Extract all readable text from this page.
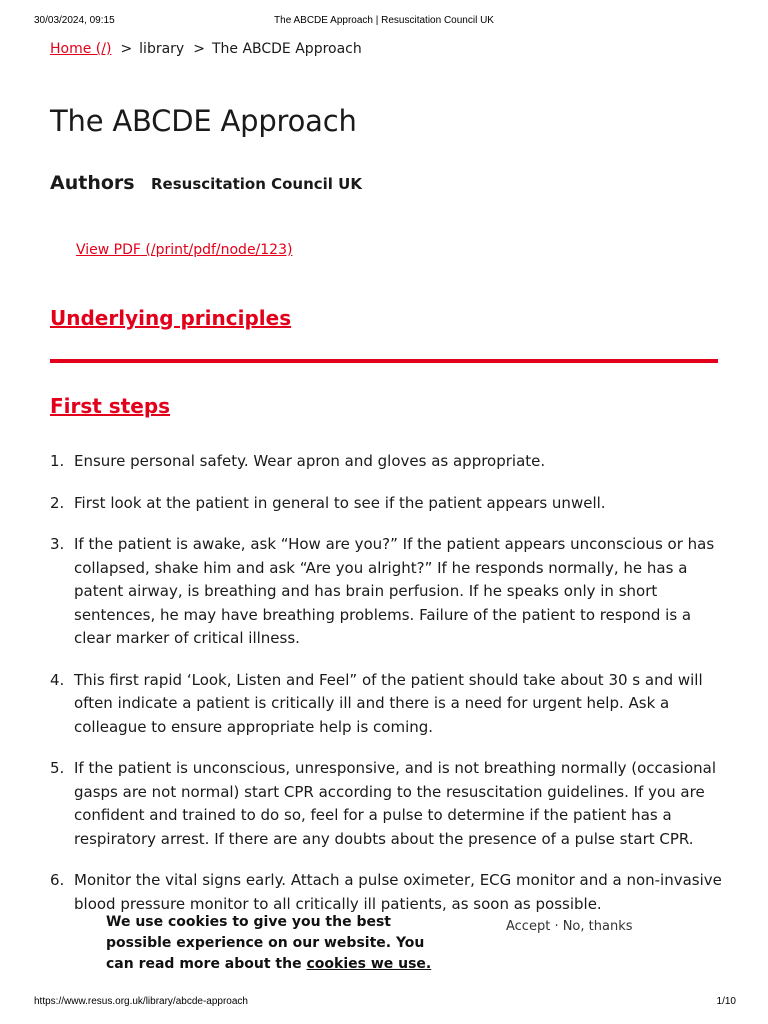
30/03/2024, 09:15	The ABCDE Approach | Resuscitation Council UK
Home (/) > library > The ABCDE Approach
The ABCDE Approach
Authors Resuscitation Council UK
View PDF (/print/pdf/node/123)
Underlying principles
First steps
1. Ensure personal safety. Wear apron and gloves as appropriate.
2. First look at the patient in general to see if the patient appears unwell.
3. If the patient is awake, ask “How are you?” If the patient appears unconscious or has collapsed, shake him and ask “Are you alright?” If he responds normally, he has a patent airway, is breathing and has brain perfusion. If he speaks only in short sentences, he may have breathing problems. Failure of the patient to respond is a clear marker of critical illness.
4. This first rapid ‘Look, Listen and Feel” of the patient should take about 30 s and will often indicate a patient is critically ill and there is a need for urgent help. Ask a colleague to ensure appropriate help is coming.
5. If the patient is unconscious, unresponsive, and is not breathing normally (occasional gasps are not normal) start CPR according to the resuscitation guidelines. If you are confident and trained to do so, feel for a pulse to determine if the patient has a respiratory arrest. If there are any doubts about the presence of a pulse start CPR.
6. Monitor the vital signs early. Attach a pulse oximeter, ECG monitor and a non-invasive blood pressure monitor to all critically ill patients, as soon as possible.

We use cookies to give you the best possible experience on our website. You can read more about the cookies we use.

Accept · No, thanks
https://www.resus.org.uk/library/abcde-approach	1/10
